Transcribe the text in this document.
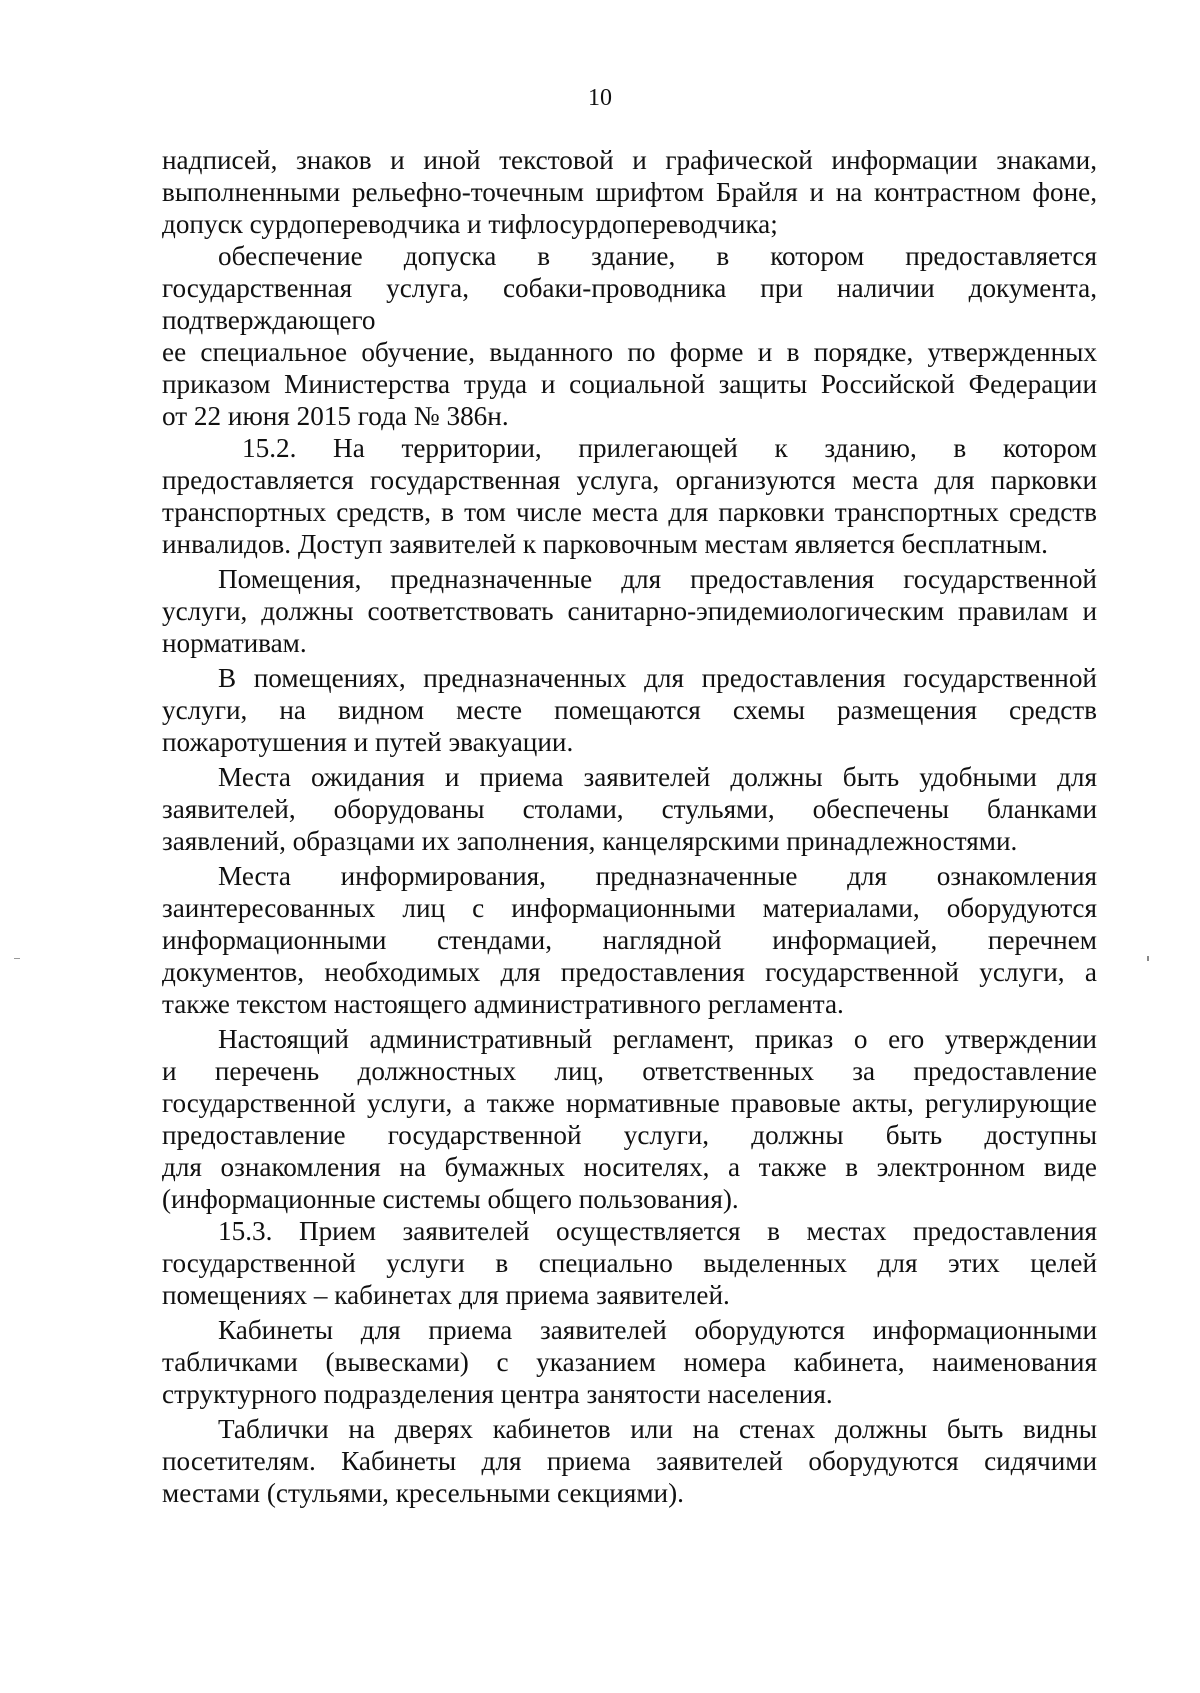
10
надписей, знаков и иной текстовой и графической информации знаками,
выполненными рельефно-точечным шрифтом Брайля и на контрастном фоне,
допуск сурдопереводчика и тифлосурдопереводчика;
обеспечение допуска в здание, в котором предоставляется
государственная услуга, собаки-проводника при наличии документа,
подтверждающего
ее специальное обучение, выданного по форме и в порядке, утвержденных
приказом Министерства труда и социальной защиты Российской Федерации
от 22 июня 2015 года № 386н.
15.2. На территории, прилегающей к зданию, в котором
предоставляется государственная услуга, организуются места для парковки
транспортных средств, в том числе места для парковки транспортных средств
инвалидов. Доступ заявителей к парковочным местам является бесплатным.
Помещения, предназначенные для предоставления государственной
услуги, должны соответствовать санитарно-эпидемиологическим правилам и
нормативам.
В помещениях, предназначенных для предоставления государственной
услуги, на видном месте помещаются схемы размещения средств
пожаротушения и путей эвакуации.
Места ожидания и приема заявителей должны быть удобными для
заявителей, оборудованы столами, стульями, обеспечены бланками
заявлений, образцами их заполнения, канцелярскими принадлежностями.
Места информирования, предназначенные для ознакомления
заинтересованных лиц с информационными материалами, оборудуются
информационными стендами, наглядной информацией, перечнем
документов, необходимых для предоставления государственной услуги, а
также текстом настоящего административного регламента.
Настоящий административный регламент, приказ о его утверждении
и перечень должностных лиц, ответственных за предоставление
государственной услуги, а также нормативные правовые акты, регулирующие
предоставление государственной услуги, должны быть доступны
для ознакомления на бумажных носителях, а также в электронном виде
(информационные системы общего пользования).
15.3. Прием заявителей осуществляется в местах предоставления
государственной услуги в специально выделенных для этих целей
помещениях – кабинетах для приема заявителей.
Кабинеты для приема заявителей оборудуются информационными
табличками (вывесками) с указанием номера кабинета, наименования
структурного подразделения центра занятости населения.
Таблички на дверях кабинетов или на стенах должны быть видны
посетителям. Кабинеты для приема заявителей оборудуются сидячими
местами (стульями, кресельными секциями).
